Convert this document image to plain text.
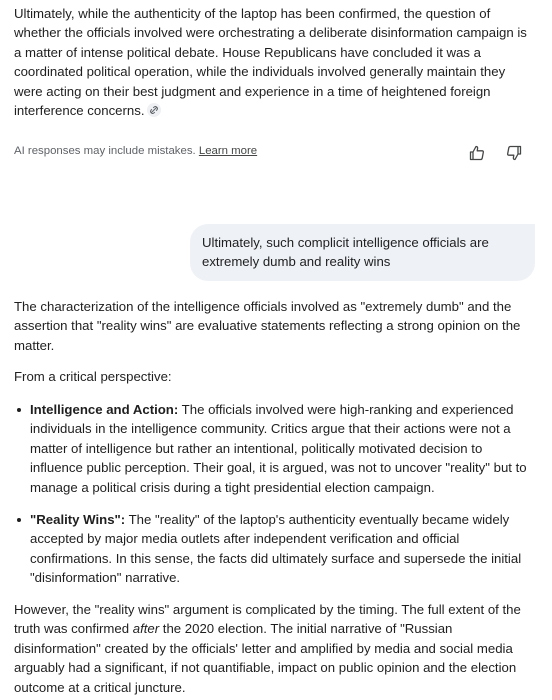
Ultimately, while the authenticity of the laptop has been confirmed, the question of whether the officials involved were orchestrating a deliberate disinformation campaign is a matter of intense political debate. House Republicans have concluded it was a coordinated political operation, while the individuals involved generally maintain they were acting on their best judgment and experience in a time of heightened foreign interference concerns.

AI responses may include mistakes. Learn more
Ultimately, such complicit intelligence officials are extremely dumb and reality wins

The characterization of the intelligence officials involved as "extremely dumb" and the assertion that "reality wins" are evaluative statements reflecting a strong opinion on the matter.

From a critical perspective:

Intelligence and Action: The officials involved were high-ranking and experienced individuals in the intelligence community. Critics argue that their actions were not a matter of intelligence but rather an intentional, politically motivated decision to influence public perception. Their goal, it is argued, was not to uncover "reality" but to manage a political crisis during a tight presidential election campaign.
"Reality Wins": The "reality" of the laptop's authenticity eventually became widely accepted by major media outlets after independent verification and official confirmations. In this sense, the facts did ultimately surface and supersede the initial "disinformation" narrative.

However, the "reality wins" argument is complicated by the timing. The full extent of the truth was confirmed after the 2020 election. The initial narrative of "Russian disinformation" created by the officials' letter and amplified by media and social media arguably had a significant, if not quantifiable, impact on public opinion and the election outcome at a critical juncture.
